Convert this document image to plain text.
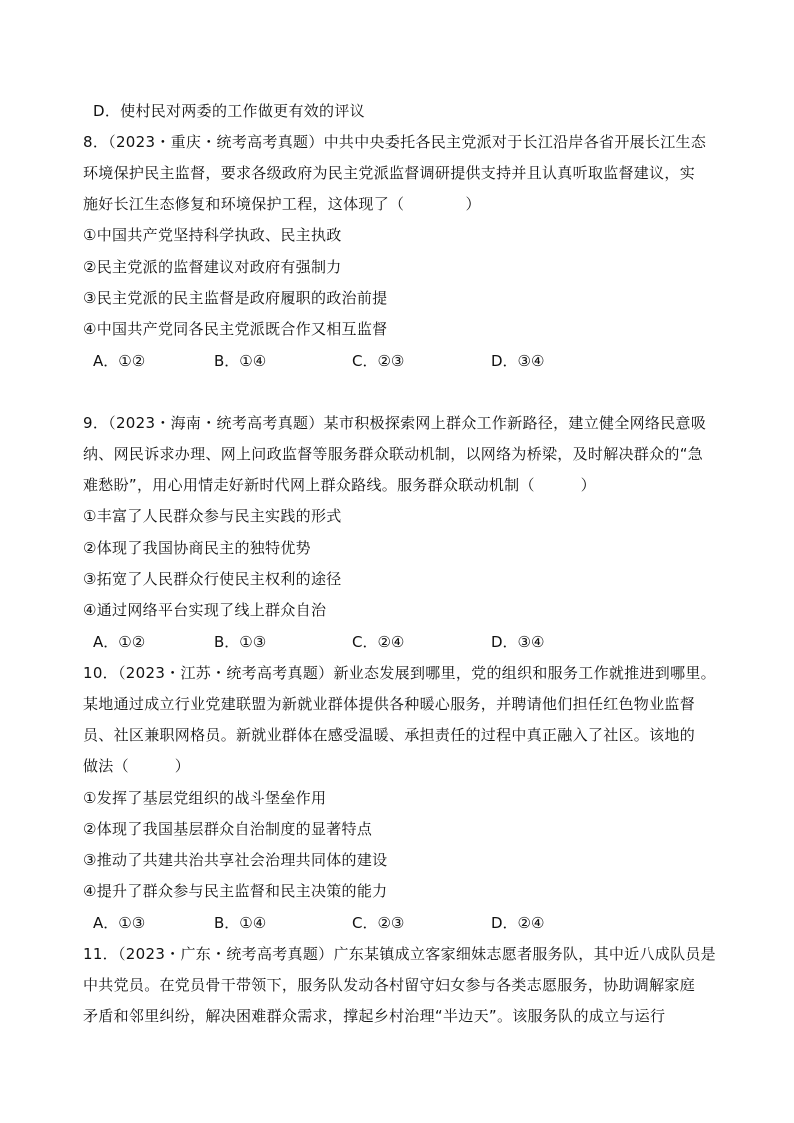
D．使村民对两委的工作做更有效的评议
8．（2023・重庆・统考高考真题）中共中央委托各民主党派对于长江沿岸各省开展长江生态
环境保护民主监督，要求各级政府为民主党派监督调研提供支持并且认真听取监督建议，实
施好长江生态修复和环境保护工程，这体现了（　　　　）
①中国共产党坚持科学执政、民主执政
②民主党派的监督建议对政府有强制力
③民主党派的民主监督是政府履职的政治前提
④中国共产党同各民主党派既合作又相互监督
A．①②	B．①④	C．②③	D．③④
9．（2023・海南・统考高考真题）某市积极探索网上群众工作新路径，建立健全网络民意吸
纳、网民诉求办理、网上问政监督等服务群众联动机制，以网络为桥梁，及时解决群众的“急
难愁盼”，用心用情走好新时代网上群众路线。服务群众联动机制（　　　）
①丰富了人民群众参与民主实践的形式
②体现了我国协商民主的独特优势
③拓宽了人民群众行使民主权利的途径
④通过网络平台实现了线上群众自治
A．①②	B．①③	C．②④	D．③④
10．（2023・江苏・统考高考真题）新业态发展到哪里，党的组织和服务工作就推进到哪里。
某地通过成立行业党建联盟为新就业群体提供各种暖心服务，并聘请他们担任红色物业监督
员、社区兼职网格员。新就业群体在感受温暖、承担责任的过程中真正融入了社区。该地的
做法（　　　）
①发挥了基层党组织的战斗堡垒作用
②体现了我国基层群众自治制度的显著特点
③推动了共建共治共享社会治理共同体的建设
④提升了群众参与民主监督和民主决策的能力
A．①③	B．①④	C．②③	D．②④
11．（2023・广东・统考高考真题）广东某镇成立客家细妹志愿者服务队，其中近八成队员是
中共党员。在党员骨干带领下，服务队发动各村留守妇女参与各类志愿服务，协助调解家庭
矛盾和邻里纠纷，解决困难群众需求，撑起乡村治理“半边天”。该服务队的成立与运行
